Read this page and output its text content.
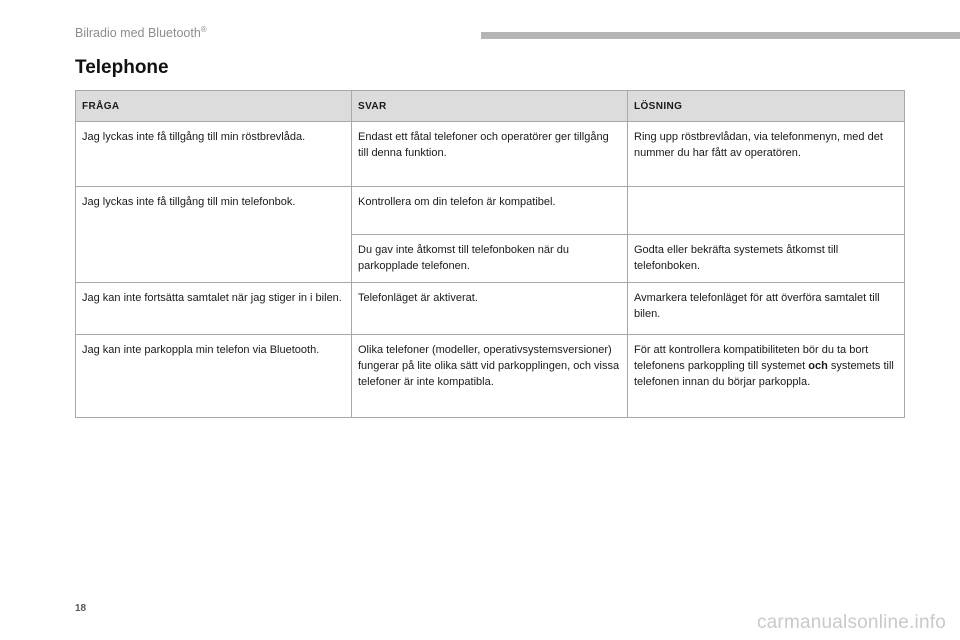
Bilradio med Bluetooth®
Telephone
FRÅGA	SVAR	LÖSNING
Jag lyckas inte få tillgång till min röstbrevlåda.	Endast ett fåtal telefoner och operatörer ger tillgång till denna funktion.	Ring upp röstbrevlådan, via telefonmenyn, med det nummer du har fått av operatören.
Jag lyckas inte få tillgång till min telefonbok.	Kontrollera om din telefon är kompatibel.	
	Du gav inte åtkomst till telefonboken när du parkopplade telefonen.	Godta eller bekräfta systemets åtkomst till telefonboken.
Jag kan inte fortsätta samtalet när jag stiger in i bilen.	Telefonläget är aktiverat.	Avmarkera telefonläget för att överföra samtalet till bilen.
Jag kan inte parkoppla min telefon via Bluetooth.	Olika telefoner (modeller, operativsystemsversioner) fungerar på lite olika sätt vid parkopplingen, och vissa telefoner är inte kompatibla.	För att kontrollera kompatibiliteten bör du ta bort telefonens parkoppling till systemet och systemets till telefonen innan du börjar parkoppla.
18
carmanualsonline.info
